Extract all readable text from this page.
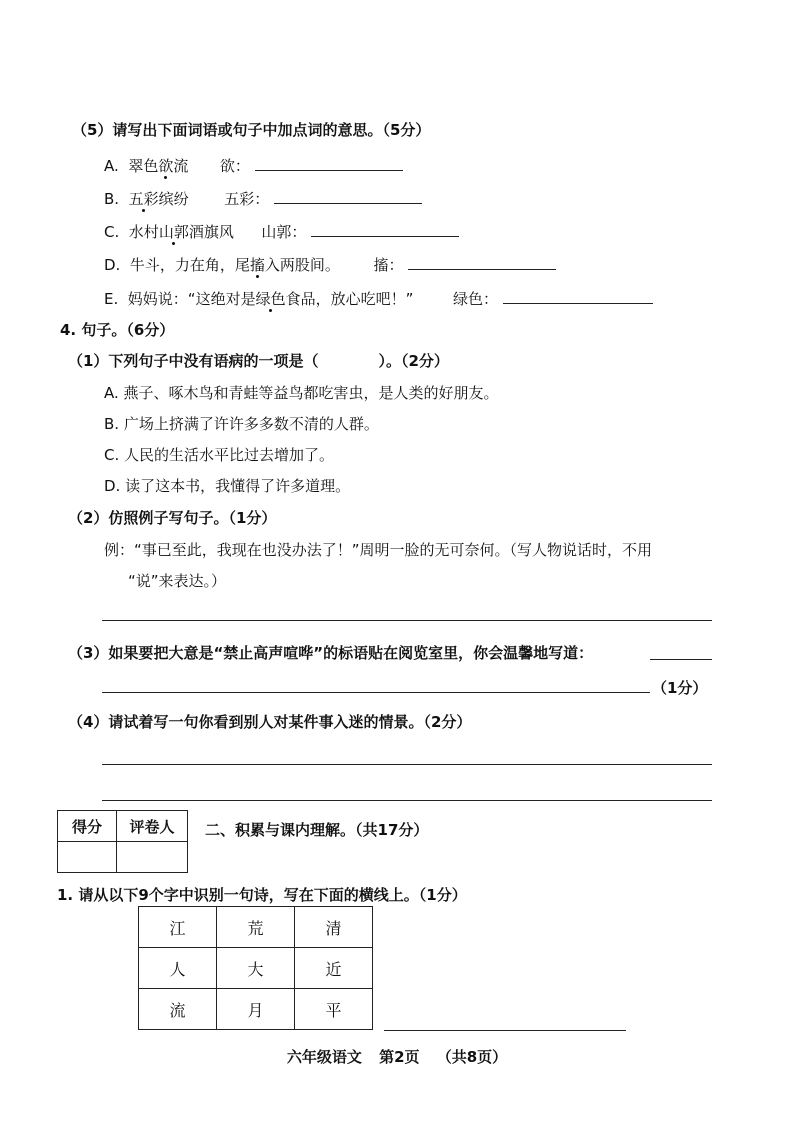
（5）请写出下面词语或句子中加点词的意思。（5分）
A. 翠色欲流 欲：
B. 五彩缤纷 五彩：
C. 水村山郭酒旗风 山郭：
D. 牛斗，力在角，尾搐入两股间。 搐：
E. 妈妈说：“这绝对是绿色食品，放心吃吧！”	绿色：
4. 句子。（6分）
（1）下列句子中没有语病的一项是（	）。（2分）
A. 燕子、啄木鸟和青蛙等益鸟都吃害虫，是人类的好朋友。
B. 广场上挤满了许许多多数不清的人群。
C. 人民的生活水平比过去增加了。
D. 读了这本书，我懂得了许多道理。
（2）仿照例子写句子。（1分）
例：“事已至此，我现在也没办法了！”周明一脸的无可奈何。（写人物说话时，不用
“说”来表达。）
（3）如果要把大意是“禁止高声喧哗”的标语贴在阅览室里，你会温馨地写道：
（1分）
（4）请试着写一句你看到别人对某件事入迷的情景。（2分）
得分	评卷人
	二、积累与课内理解。（共17分）
1. 请从以下9个字中识别一句诗，写在下面的横线上。（1分）
江	荒	清
人	大	近
流	月	平
六年级语文 第2页 （共8页）
